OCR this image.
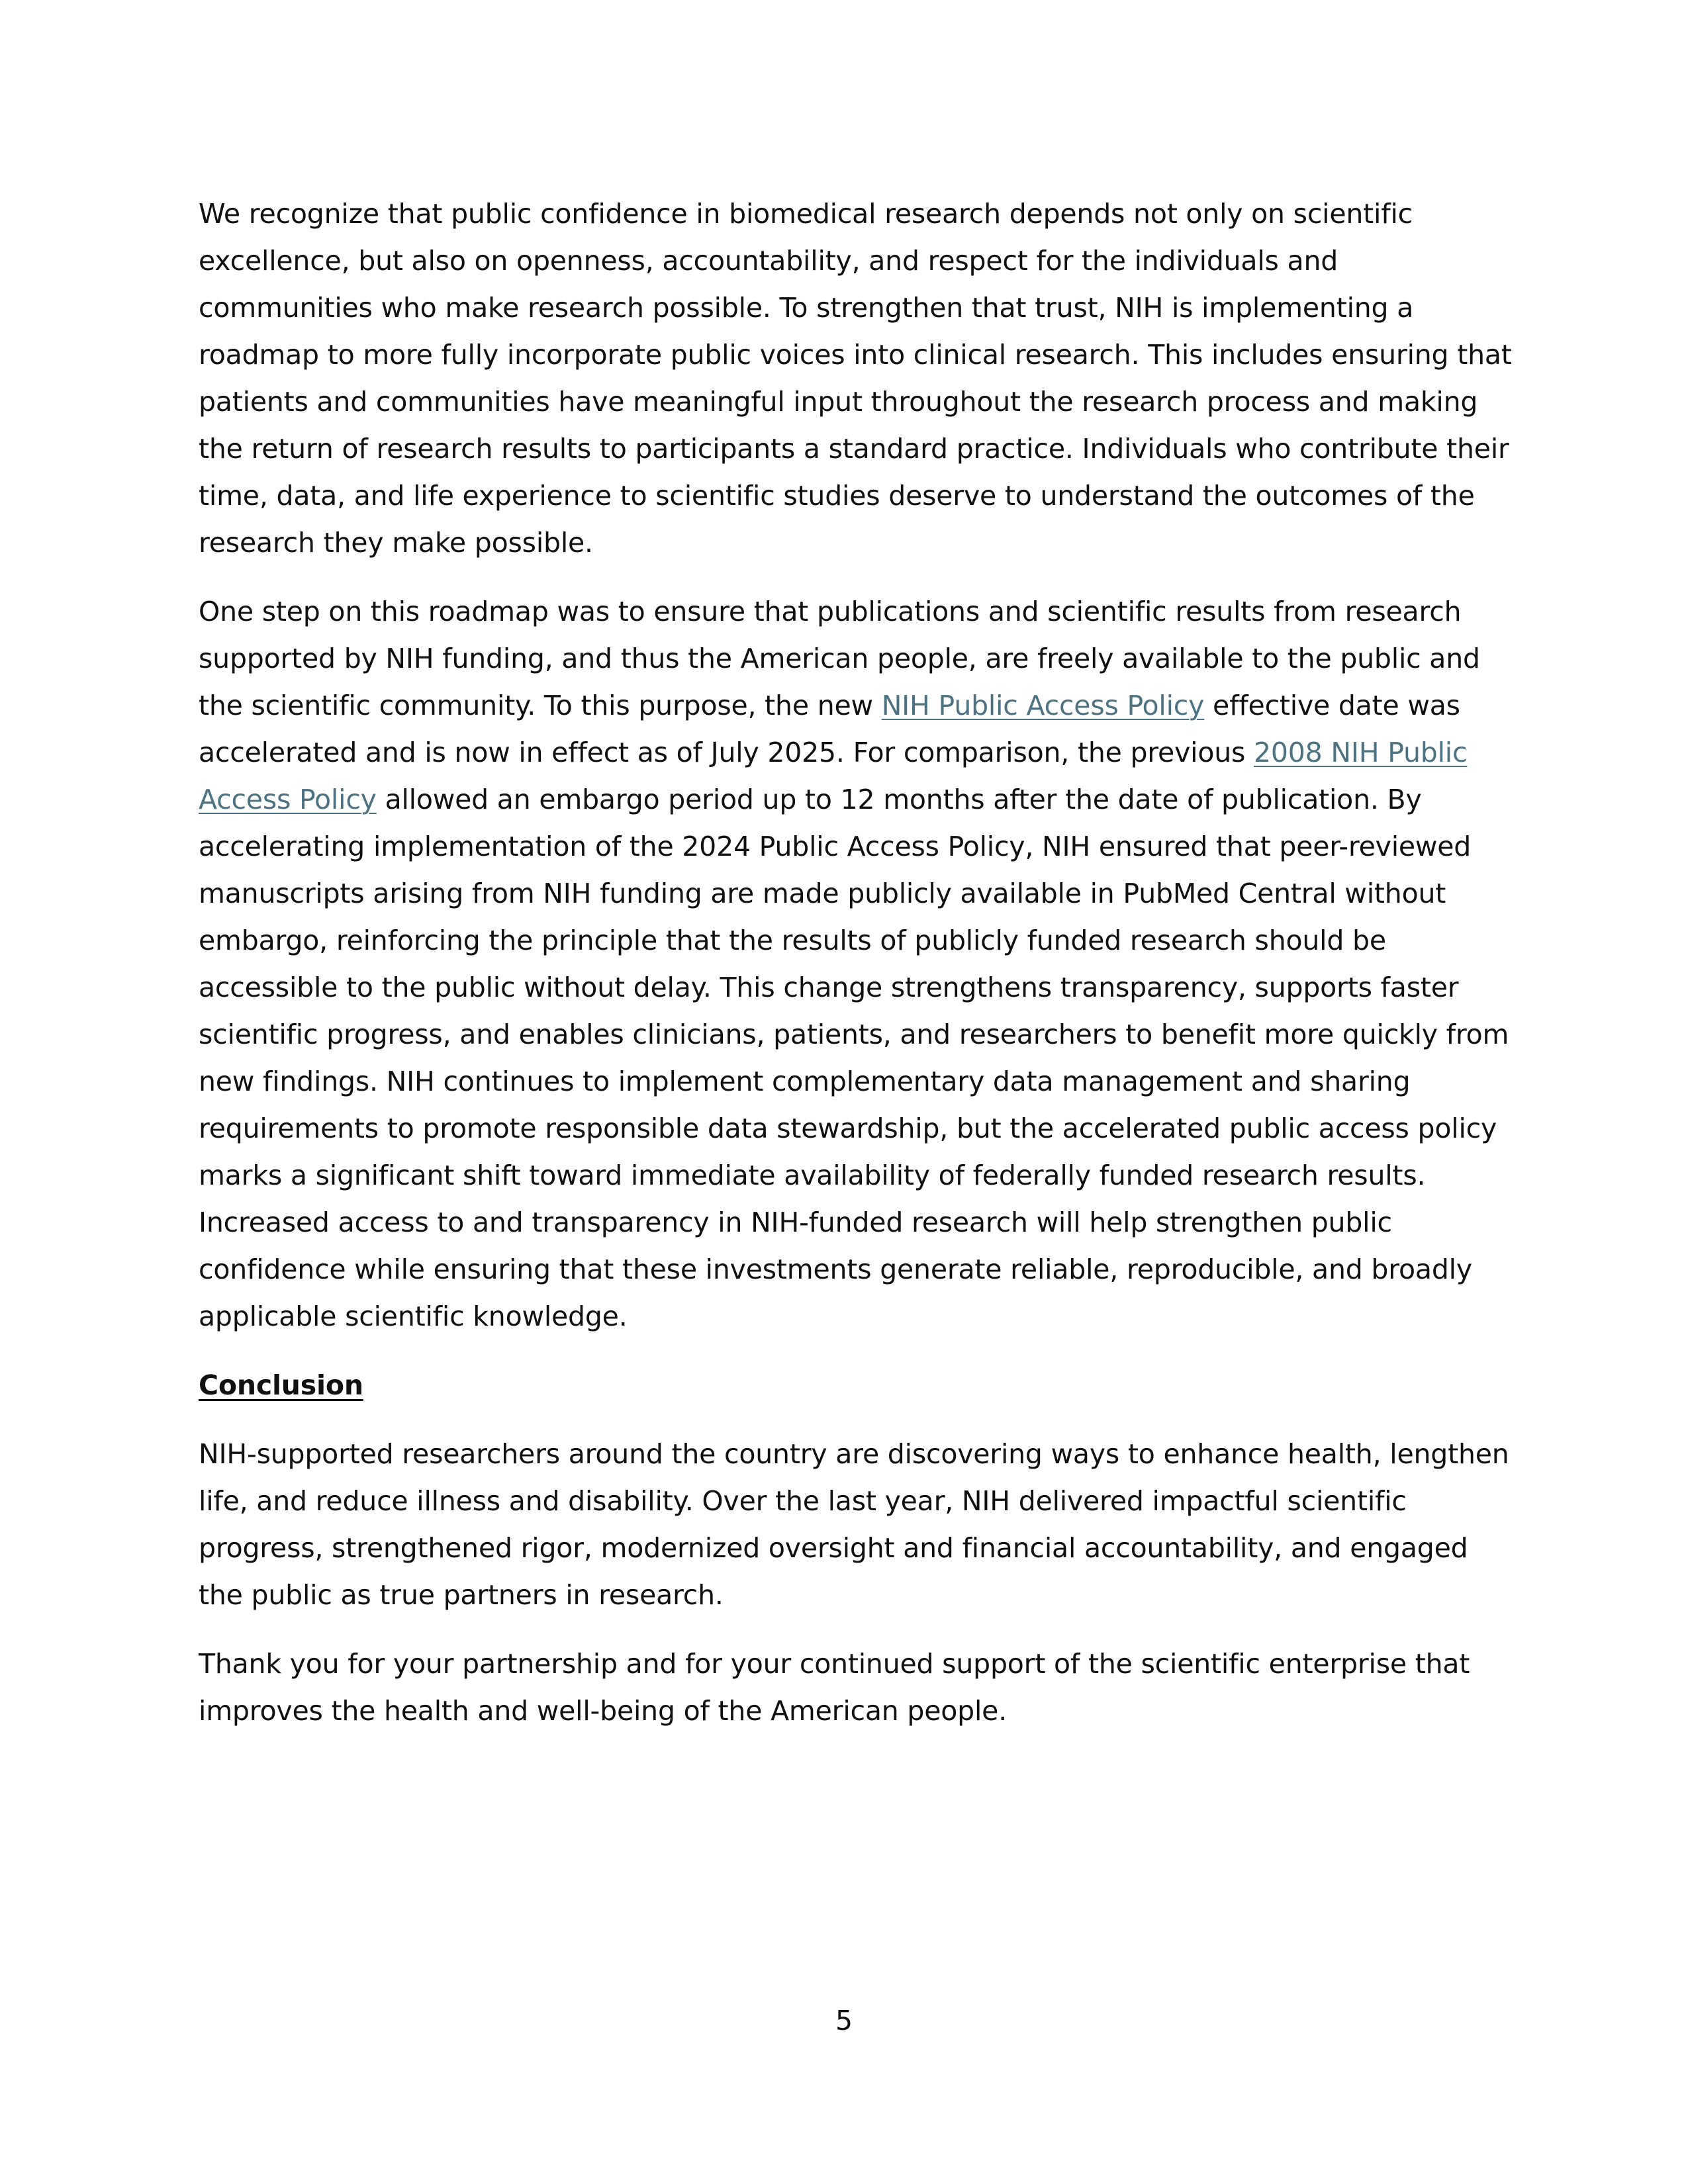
We recognize that public confidence in biomedical research depends not only on scientific excellence, but also on openness, accountability, and respect for the individuals and communities who make research possible. To strengthen that trust, NIH is implementing a roadmap to more fully incorporate public voices into clinical research. This includes ensuring that patients and communities have meaningful input throughout the research process and making the return of research results to participants a standard practice. Individuals who contribute their time, data, and life experience to scientific studies deserve to understand the outcomes of the research they make possible.

One step on this roadmap was to ensure that publications and scientific results from research supported by NIH funding, and thus the American people, are freely available to the public and the scientific community. To this purpose, the new NIH Public Access Policy effective date was accelerated and is now in effect as of July 2025. For comparison, the previous 2008 NIH Public Access Policy allowed an embargo period up to 12 months after the date of publication. By accelerating implementation of the 2024 Public Access Policy, NIH ensured that peer-reviewed manuscripts arising from NIH funding are made publicly available in PubMed Central without embargo, reinforcing the principle that the results of publicly funded research should be accessible to the public without delay. This change strengthens transparency, supports faster scientific progress, and enables clinicians, patients, and researchers to benefit more quickly from new findings. NIH continues to implement complementary data management and sharing requirements to promote responsible data stewardship, but the accelerated public access policy marks a significant shift toward immediate availability of federally funded research results. Increased access to and transparency in NIH-funded research will help strengthen public confidence while ensuring that these investments generate reliable, reproducible, and broadly applicable scientific knowledge.

Conclusion

NIH-supported researchers around the country are discovering ways to enhance health, lengthen life, and reduce illness and disability. Over the last year, NIH delivered impactful scientific progress, strengthened rigor, modernized oversight and financial accountability, and engaged the public as true partners in research.

Thank you for your partnership and for your continued support of the scientific enterprise that improves the health and well-being of the American people.

5
